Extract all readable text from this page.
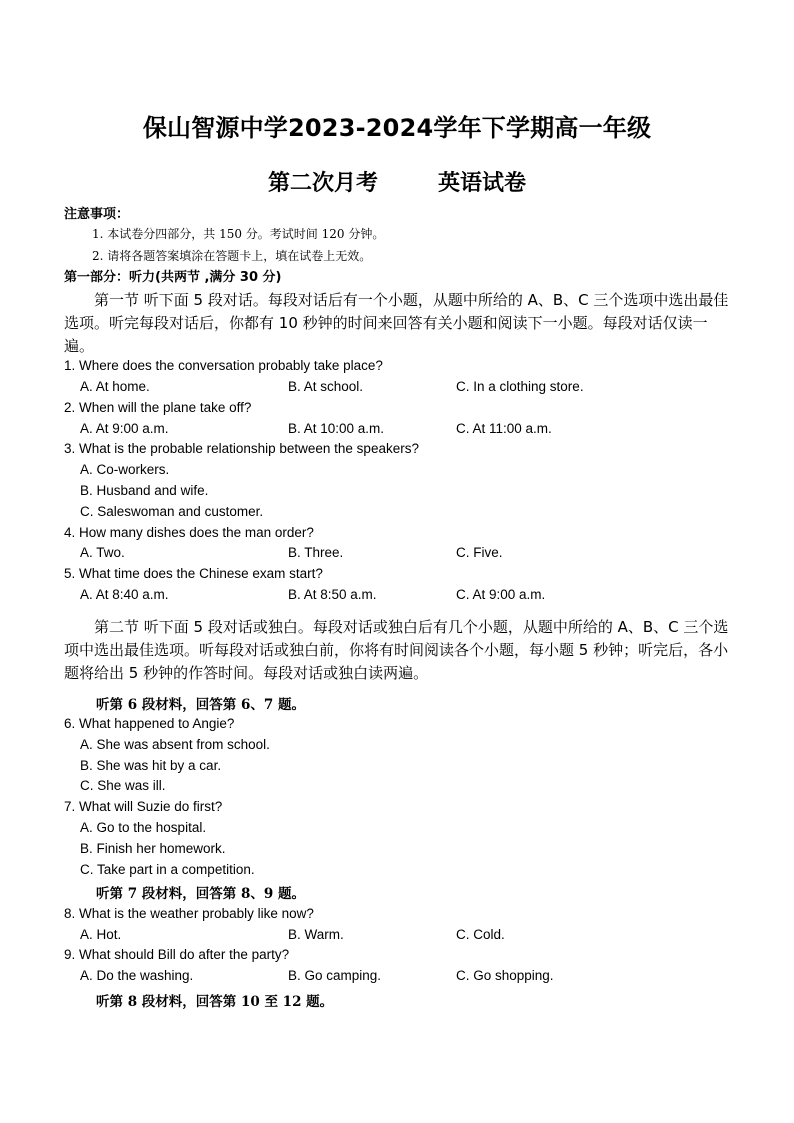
保山智源中学2023-2024学年下学期高一年级
第二次月考	英语试卷
注意事项：
1. 本试卷分四部分，共 150 分。考试时间 120 分钟。
2. 请将各题答案填涂在答题卡上，填在试卷上无效。
第一部分：听力(共两节 ,满分 30 分)
第一节 听下面 5 段对话。每段对话后有一个小题，从题中所给的 A、B、C 三个选项中选出最佳选项。听完每段对话后，你都有 10 秒钟的时间来回答有关小题和阅读下一小题。每段对话仅读一遍。
1. Where does the conversation probably take place?
A. At home.	B. At school.	C. In a clothing store.
2. When will the plane take off?
A. At 9:00 a.m.	B. At 10:00 a.m.	C. At 11:00 a.m.
3. What is the probable relationship between the speakers?
A. Co-workers.
B. Husband and wife.
C. Saleswoman and customer.
4. How many dishes does the man order?
A. Two.	B. Three.	C. Five.
5. What time does the Chinese exam start?
A. At 8:40 a.m.	B. At 8:50 a.m.	C. At 9:00 a.m.
第二节 听下面 5 段对话或独白。每段对话或独白后有几个小题，从题中所给的 A、B、C 三个选项中选出最佳选项。听每段对话或独白前，你将有时间阅读各个小题，每小题 5 秒钟；听完后，各小题将给出 5 秒钟的作答时间。每段对话或独白读两遍。
听第 6 段材料，回答第 6、7 题。
6. What happened to Angie?
A. She was absent from school.
B. She was hit by a car.
C. She was ill.
7. What will Suzie do first?
A. Go to the hospital.
B. Finish her homework.
C. Take part in a competition.
听第 7 段材料，回答第 8、9 题。
8. What is the weather probably like now?
A. Hot.	B. Warm.	C. Cold.
9. What should Bill do after the party?
A. Do the washing.	B. Go camping.	C. Go shopping.
听第 8 段材料，回答第 10 至 12 题。
